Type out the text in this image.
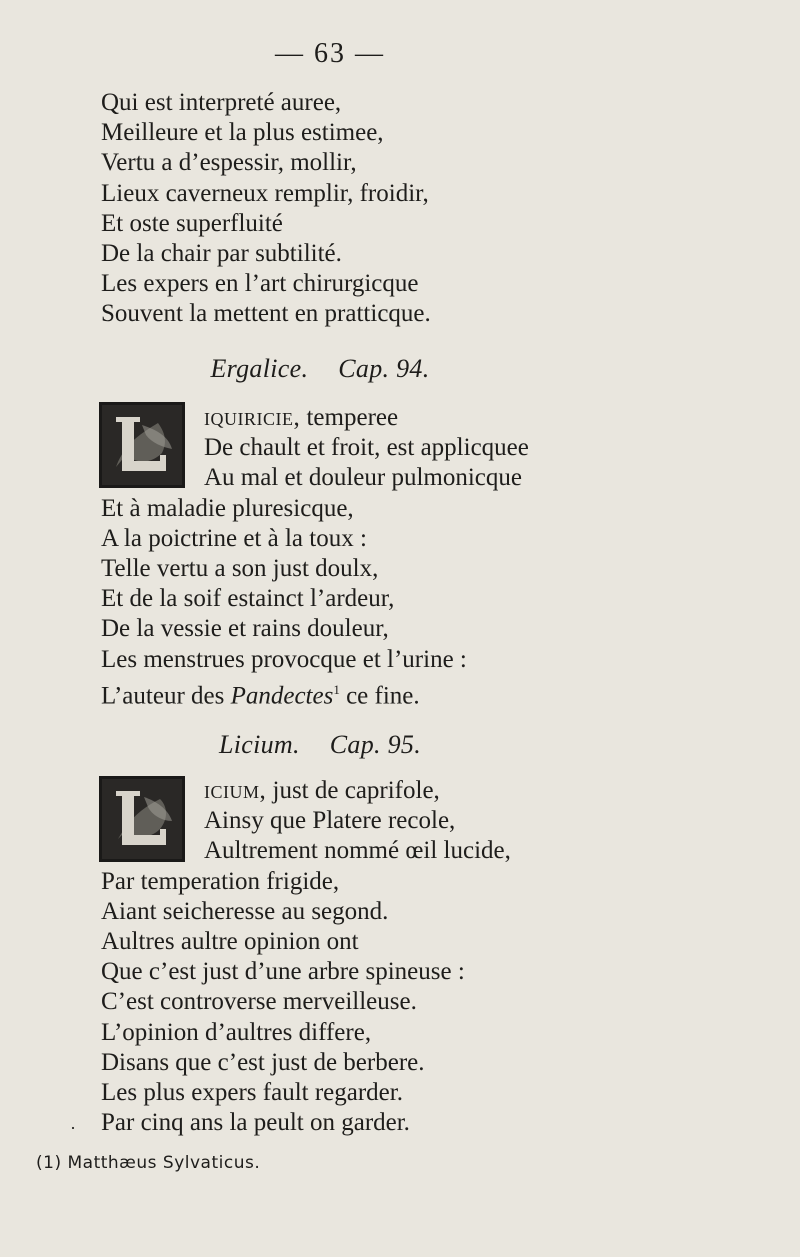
— 63 —
Qui est interpreté auree,
Meilleure et la plus estimee,
Vertu a d’espessir, mollir,
Lieux caverneux remplir, froidir,
Et oste superfluité
De la chair par subtilité.
Les expers en l’art chirurgicque
Souvent la mettent en pratticque.
Ergalice. Cap. 94.
L	iquiricie, temperee
De chault et froit, est applicquee
Au mal et douleur pulmonicque
Et à maladie pluresicque,
A la poictrine et à la toux :
Telle vertu a son just doulx,
Et de la soif estainct l’ardeur,
De la vessie et rains douleur,
Les menstrues provocque et l’urine :
L’auteur des Pandectes$^1$ ce fine.
Licium. Cap. 95.
L	icium, just de caprifole,
Ainsy que Platere recole,
Aultrement nommé œil lucide,
Par temperation frigide,
Aiant seicheresse au segond.
Aultres aultre opinion ont
Que c’est just d’une arbre spineuse :
C’est controverse merveilleuse.
L’opinion d’aultres differe,
Disans que c’est just de berbere.
Les plus expers fault regarder.
Par cinq ans la peult on garder.
·
(1) Matthæus Sylvaticus.
